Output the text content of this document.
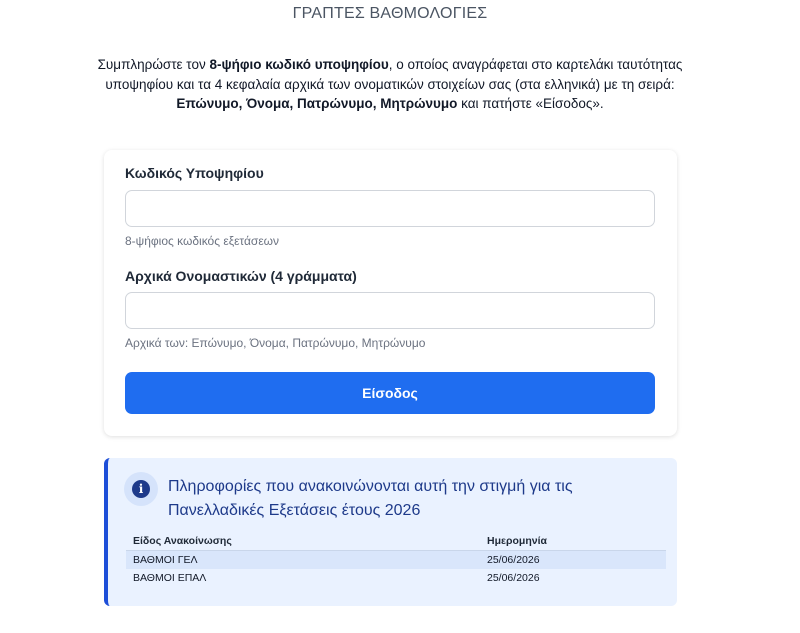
ΓΡΑΠΤΕΣ ΒΑΘΜΟΛΟΓΙΕΣ
Συμπληρώστε τον 8-ψήφιο κωδικό υποψηφίου, ο οποίος αναγράφεται στο καρτελάκι ταυτότητας υποψηφίου και τα 4 κεφαλαία αρχικά των ονοματικών στοιχείων σας (στα ελληνικά) με τη σειρά:
Επώνυμο, Όνομα, Πατρώνυμο, Μητρώνυμο και πατήστε «Είσοδος».
Κωδικός Υποψηφίου
8-ψήφιος κωδικός εξετάσεων
Αρχικά Ονομαστικών (4 γράμματα)
Αρχικά των: Επώνυμο, Όνομα, Πατρώνυμο, Μητρώνυμο
Είσοδος
i	Πληροφορίες που ανακοινώνονται αυτή την στιγμή για τις Πανελλαδικές Εξετάσεις έτους 2026
Είδος Ανακοίνωσης	Ημερομηνία
ΒΑΘΜΟΙ ΓΕΛ	25/06/2026
ΒΑΘΜΟΙ ΕΠΑΛ	25/06/2026
